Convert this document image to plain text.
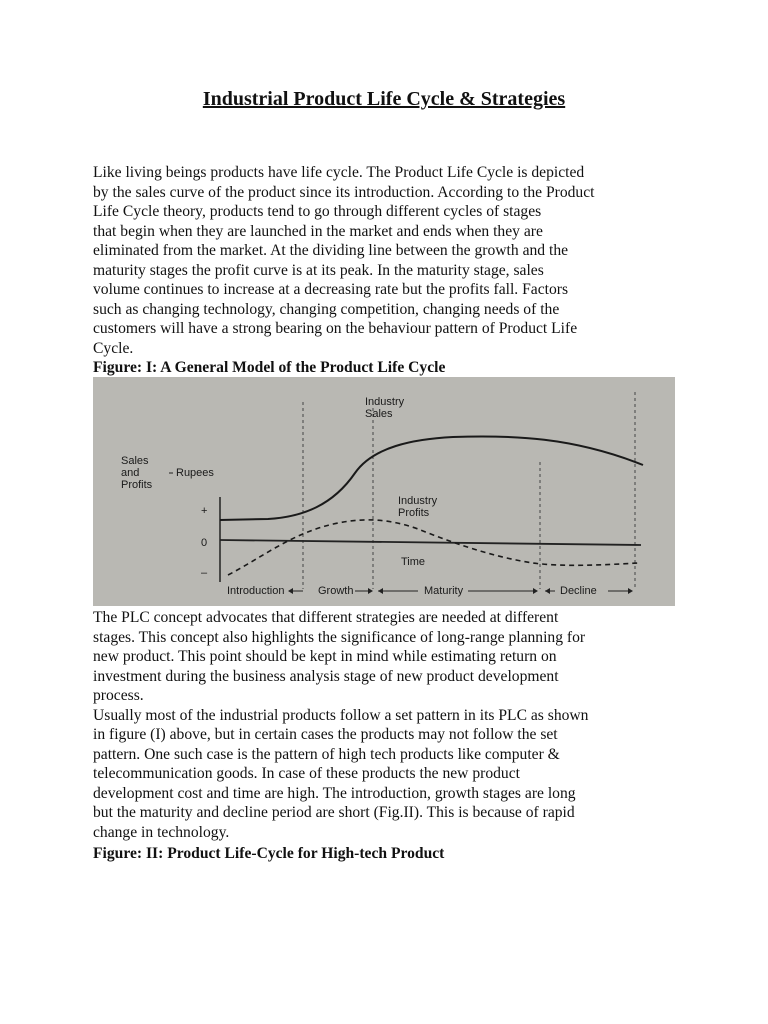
Industrial Product Life Cycle & Strategies
Like living beings products have life cycle. The Product Life Cycle is depicted
by the sales curve of the product since its introduction. According to the Product
Life Cycle theory, products tend to go through different cycles of stages
that begin when they are launched in the market and ends when they are
eliminated from the market. At the dividing line between the growth and the
maturity stages the profit curve is at its peak. In the maturity stage, sales
volume continues to increase at a decreasing rate but the profits fall. Factors
such as changing technology, changing competition, changing needs of the
customers will have a strong bearing on the behaviour pattern of Product Life
Cycle.
Figure: I: A General Model of the Product Life Cycle
Industry
Sales
Sales
and
Profits
Rupees
+
0
–
Industry
Profits
Time
Introduction	Growth	Maturity	Decline
The PLC concept advocates that different strategies are needed at different
stages. This concept also highlights the significance of long-range planning for
new product. This point should be kept in mind while estimating return on
investment during the business analysis stage of new product development
process.
Usually most of the industrial products follow a set pattern in its PLC as shown
in figure (I) above, but in certain cases the products may not follow the set
pattern. One such case is the pattern of high tech products like computer &
telecommunication goods. In case of these products the new product
development cost and time are high. The introduction, growth stages are long
but the maturity and decline period are short (Fig.II). This is because of rapid
change in technology.
Figure: II: Product Life-Cycle for High-tech Product
